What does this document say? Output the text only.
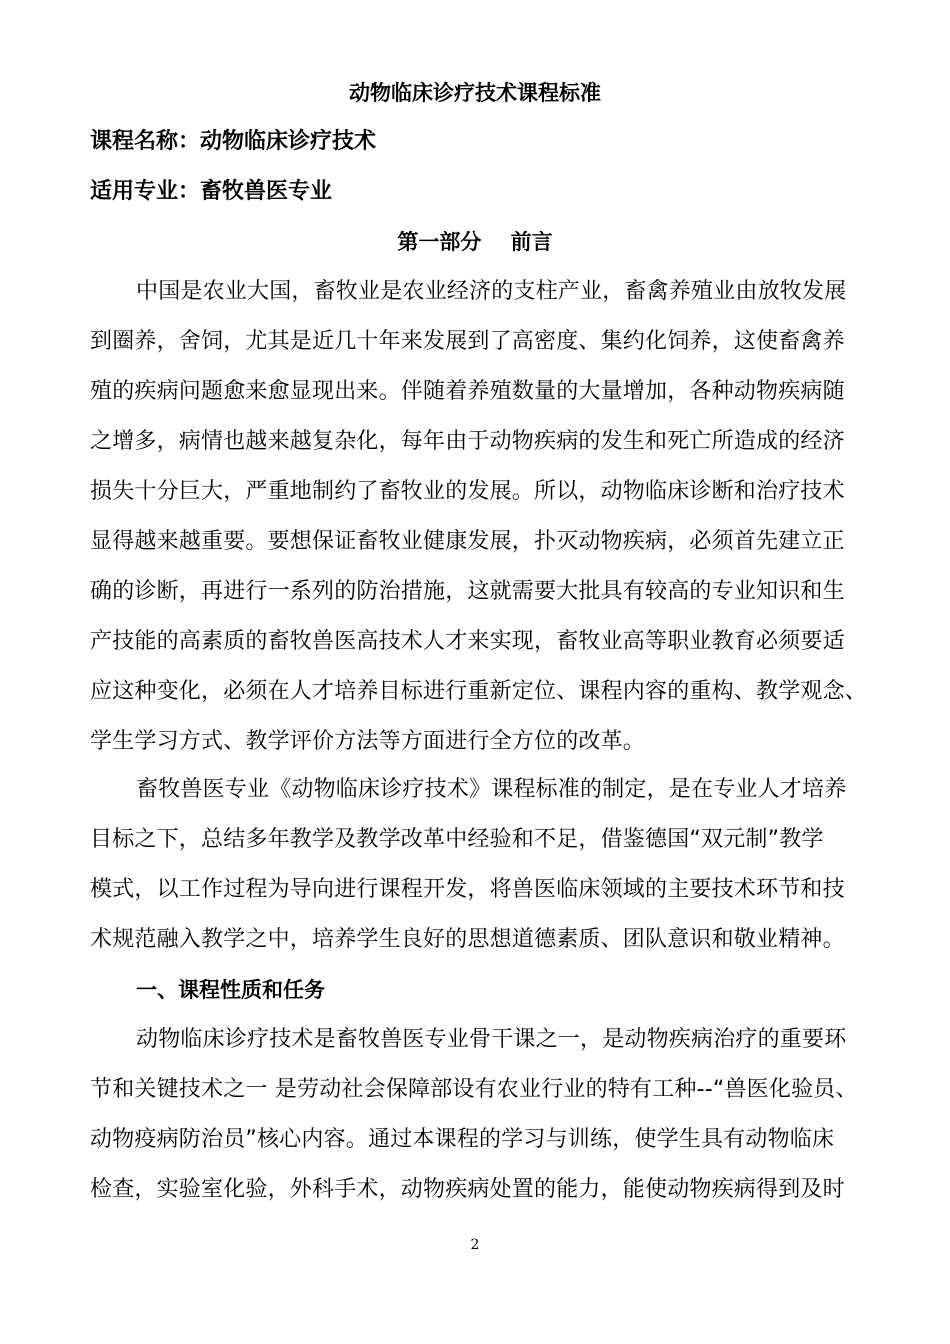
动物临床诊疗技术课程标准
课程名称：动物临床诊疗技术
适用专业：畜牧兽医专业
第一部分    前言
中国是农业大国，畜牧业是农业经济的支柱产业，畜禽养殖业由放牧发展
到圈养，舍饲，尤其是近几十年来发展到了高密度、集约化饲养，这使畜禽养
殖的疾病问题愈来愈显现出来。伴随着养殖数量的大量增加，各种动物疾病随
之增多，病情也越来越复杂化，每年由于动物疾病的发生和死亡所造成的经济
损失十分巨大，严重地制约了畜牧业的发展。所以，动物临床诊断和治疗技术
显得越来越重要。要想保证畜牧业健康发展，扑灭动物疾病，必须首先建立正
确的诊断，再进行一系列的防治措施，这就需要大批具有较高的专业知识和生
产技能的高素质的畜牧兽医高技术人才来实现，畜牧业高等职业教育必须要适
应这种变化，必须在人才培养目标进行重新定位、课程内容的重构、教学观念、
学生学习方式、教学评价方法等方面进行全方位的改革。
畜牧兽医专业《动物临床诊疗技术》课程标准的制定，是在专业人才培养
目标之下，总结多年教学及教学改革中经验和不足，借鉴德国“双元制”教学
模式，以工作过程为导向进行课程开发，将兽医临床领域的主要技术环节和技
术规范融入教学之中，培养学生良好的思想道德素质、团队意识和敬业精神。
一、课程性质和任务
动物临床诊疗技术是畜牧兽医专业骨干课之一，是动物疾病治疗的重要环
节和关键技术之一 是劳动社会保障部设有农业行业的特有工种--“兽医化验员、
动物疫病防治员”核心内容。通过本课程的学习与训练，使学生具有动物临床
检查，实验室化验，外科手术，动物疾病处置的能力，能使动物疾病得到及时
2
